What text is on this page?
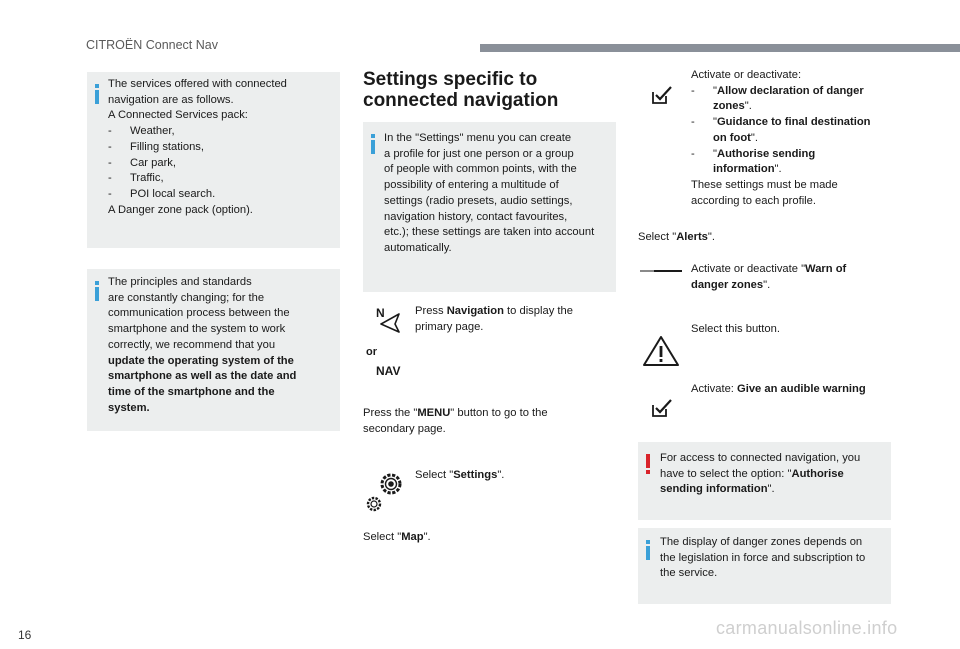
CITROËN Connect Nav
The services offered with connected
navigation are as follows.
A Connected Services pack:
-	Weather,
-	Filling stations,
-	Car park,
-	Traffic,
-	POI local search.
A Danger zone pack (option).
The principles and standards
are constantly changing; for the
communication process between the
smartphone and the system to work
correctly, we recommend that you
update the operating system of the
smartphone as well as the date and
time of the smartphone and the
system.
Settings specific to
connected navigation
In the "Settings" menu you can create
a profile for just one person or a group
of people with common points, with the
possibility of entering a multitude of
settings (radio presets, audio settings,
navigation history, contact favourites,
etc.); these settings are taken into account
automatically.
N
or
NAV
Press Navigation to display the
primary page.
Press the "MENU" button to go to the
secondary page.
Select "Settings".
Select "Map".
Activate or deactivate:
-	"Allow declaration of danger
zones".
-	"Guidance to final destination
on foot".
-	"Authorise sending
information".
These settings must be made
according to each profile.
Select "Alerts".
Activate or deactivate "Warn of
danger zones".
Select this button.
Activate: Give an audible warning
For access to connected navigation, you
have to select the option: "Authorise
sending information".
The display of danger zones depends on
the legislation in force and subscription to
the service.
16	carmanualsonline.info
